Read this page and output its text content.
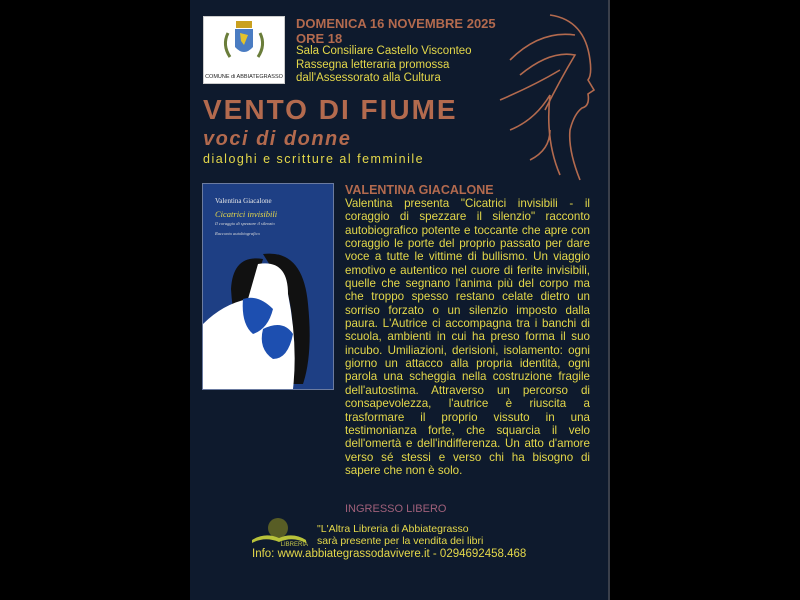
COMUNE di ABBIATEGRASSO
DOMENICA 16 NOVEMBRE 2025
ORE 18
Sala Consiliare Castello Visconteo
Rassegna letteraria promossa
dall'Assessorato alla Cultura
VENTO DI FIUME
voci di donne
dialoghi e scritture al femminile
Valentina Giacalone
Cicatrici invisibili
Il coraggio di spezzare il silenzio
Racconto autobiografico
VALENTINA GIACALONE
Valentina presenta "Cicatrici invisibili - il coraggio di spezzare il silenzio" racconto autobiografico potente e toccante che apre con coraggio le porte del proprio passato per dare voce a tutte le vittime di bullismo. Un viaggio emotivo e autentico nel cuore di ferite invisibili, quelle che segnano l'anima più del corpo ma che troppo spesso restano celate dietro un sorriso forzato o un silenzio imposto dalla paura. L'Autrice ci accompagna tra i banchi di scuola, ambienti in cui ha preso forma il suo incubo. Umiliazioni, derisioni, isolamento: ogni giorno un attacco alla propria identità, ogni parola una scheggia nella costruzione fragile dell'autostima. Attraverso un percorso di consapevolezza, l'autrice è riuscita a trasformare il proprio vissuto in una testimonianza forte, che squarcia il velo dell'omertà e dell'indifferenza. Un atto d'amore verso sé stessi e verso chi ha bisogno di sapere che non è solo.
INGRESSO LIBERO
LIBRERIA
"L'Altra Libreria di Abbiategrasso
sarà presente per la vendita dei libri
Info: www.abbiategrassodavivere.it - 0294692458.468
